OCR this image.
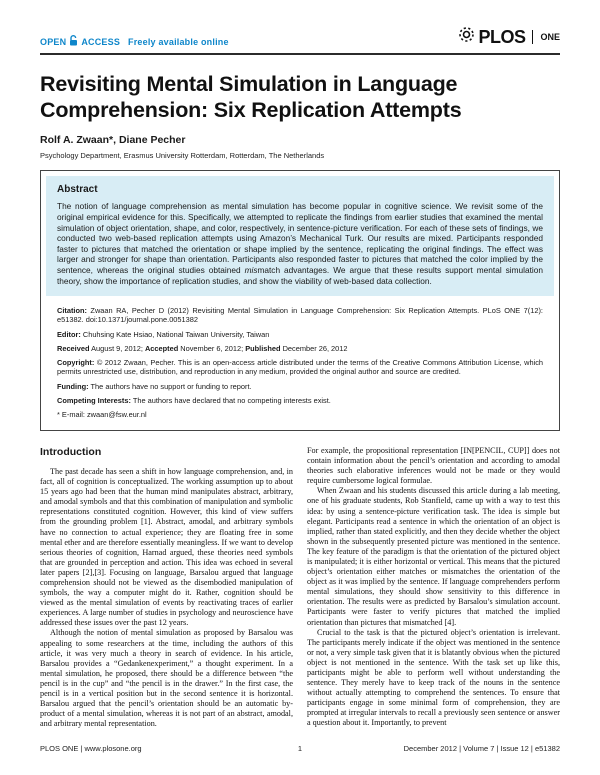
OPEN ACCESS Freely available online	PLOS ONE
Revisiting Mental Simulation in Language Comprehension: Six Replication Attempts
Rolf A. Zwaan*, Diane Pecher
Psychology Department, Erasmus University Rotterdam, Rotterdam, The Netherlands
Abstract

The notion of language comprehension as mental simulation has become popular in cognitive science. We revisit some of the original empirical evidence for this. Specifically, we attempted to replicate the findings from earlier studies that examined the mental simulation of object orientation, shape, and color, respectively, in sentence-picture verification. For each of these sets of findings, we conducted two web-based replication attempts using Amazon’s Mechanical Turk. Our results are mixed. Participants responded faster to pictures that matched the orientation or shape implied by the sentence, replicating the original findings. The effect was larger and stronger for shape than orientation. Participants also responded faster to pictures that matched the color implied by the sentence, whereas the original studies obtained mismatch advantages. We argue that these results support mental simulation theory, show the importance of replication studies, and show the viability of web-based data collection.

Citation: Zwaan RA, Pecher D (2012) Revisiting Mental Simulation in Language Comprehension: Six Replication Attempts. PLoS ONE 7(12): e51382. doi:10.1371/journal.pone.0051382

Editor: Chuhsing Kate Hsiao, National Taiwan University, Taiwan

Received August 9, 2012; Accepted November 6, 2012; Published December 26, 2012

Copyright: © 2012 Zwaan, Pecher. This is an open-access article distributed under the terms of the Creative Commons Attribution License, which permits unrestricted use, distribution, and reproduction in any medium, provided the original author and source are credited.

Funding: The authors have no support or funding to report.

Competing Interests: The authors have declared that no competing interests exist.

* E-mail: zwaan@fsw.eur.nl

Introduction

The past decade has seen a shift in how language comprehension, and, in fact, all of cognition is conceptualized. The working assumption up to about 15 years ago had been that the human mind manipulates abstract, arbitrary, and amodal symbols and that this combination of manipulation and symbolic representations constituted cognition. However, this kind of view suffers from the grounding problem [1]. Abstract, amodal, and arbitrary symbols have no connection to actual experience; they are floating free in some mental ether and are therefore essentially meaningless. If we want to develop serious theories of cognition, Harnad argued, these theories need symbols that are grounded in perception and action. This idea was echoed in several later papers [2],[3]. Focusing on language, Barsalou argued that language comprehension should not be viewed as the disembodied manipulation of symbols, the way a computer might do it. Rather, cognition should be viewed as the mental simulation of events by reactivating traces of earlier experiences. A large number of studies in psychology and neuroscience have addressed these issues over the past 12 years.

Although the notion of mental simulation as proposed by Barsalou was appealing to some researchers at the time, including the authors of this article, it was very much a theory in search of evidence. In his article, Barsalou provides a “Gedankenexperiment,” a thought experiment. In a mental simulation, he proposed, there should be a difference between “the pencil is in the cup” and “the pencil is in the drawer.” In the first case, the pencil is in a vertical position but in the second sentence it is horizontal. Barsalou argued that the pencil’s orientation should be an automatic by-product of a mental simulation, whereas it is not part of an abstract, amodal, and arbitrary mental representation.

For example, the propositional representation [IN[PENCIL, CUP]] does not contain information about the pencil’s orientation and according to amodal theories such elaborative inferences would not be made or they would require cumbersome logical formulae.

When Zwaan and his students discussed this article during a lab meeting, one of his graduate students, Rob Stanfield, came up with a way to test this idea: by using a sentence-picture verification task. The idea is simple but elegant. Participants read a sentence in which the orientation of an object is implied, rather than stated explicitly, and then they decide whether the object shown in the subsequently presented picture was mentioned in the sentence. The key feature of the paradigm is that the orientation of the pictured object is manipulated; it is either horizontal or vertical. This means that the pictured object’s orientation either matches or mismatches the orientation of the object as it was implied by the sentence. If language comprehenders perform mental simulations, they should show sensitivity to this difference in orientation. The results were as predicted by Barsalou’s simulation account. Participants were faster to verify pictures that matched the implied orientation than pictures that mismatched [4].

Crucial to the task is that the pictured object’s orientation is irrelevant. The participants merely indicate if the object was mentioned in the sentence or not, a very simple task given that it is blatantly obvious when the pictured object is not mentioned in the sentence. With the task set up like this, participants might be able to perform well without understanding the sentence. They merely have to keep track of the nouns in the sentence without actually attempting to comprehend the sentences. To ensure that participants engage in some minimal form of comprehension, they are prompted at irregular intervals to recall a previously seen sentence or answer a question about it. Importantly, to prevent

PLOS ONE | www.plosone.org	1	December 2012 | Volume 7 | Issue 12 | e51382
